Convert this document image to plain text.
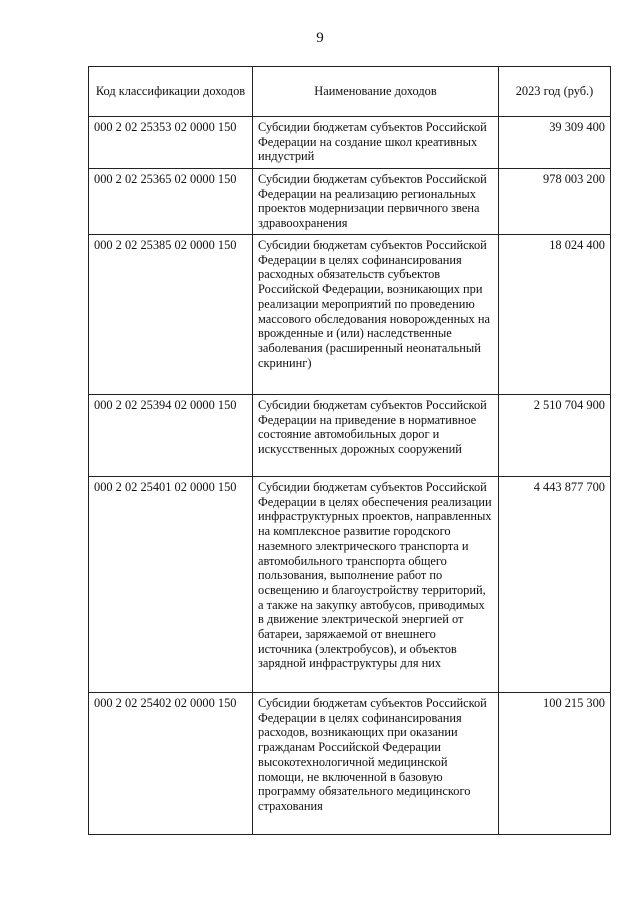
9
Код классификации доходов	Наименование доходов	2023 год (руб.)
000 2 02 25353 02 0000 150	Субсидии бюджетам субъектов Российской Федерации на создание школ креативных индустрий	39 309 400
000 2 02 25365 02 0000 150	Субсидии бюджетам субъектов Российской Федерации на реализацию региональных проектов модернизации первичного звена здравоохранения	978 003 200
000 2 02 25385 02 0000 150	Субсидии бюджетам субъектов Российской Федерации в целях софинансирования расходных обязательств субъектов Российской Федерации, возникающих при реализации мероприятий по проведению массового обследования новорожденных на врожденные и (или) наследственные заболевания (расширенный неонатальный скрининг)	18 024 400
000 2 02 25394 02 0000 150	Субсидии бюджетам субъектов Российской Федерации на приведение в нормативное состояние автомобильных дорог и искусственных дорожных сооружений	2 510 704 900
000 2 02 25401 02 0000 150	Субсидии бюджетам субъектов Российской Федерации в целях обеспечения реализации инфраструктурных проектов, направленных на комплексное развитие городского наземного электрического транспорта и автомобильного транспорта общего пользования, выполнение работ по освещению и благоустройству территорий, а также на закупку автобусов, приводимых в движение электрической энергией от батареи, заряжаемой от внешнего источника (электробусов), и объектов зарядной инфраструктуры для них	4 443 877 700
000 2 02 25402 02 0000 150	Субсидии бюджетам субъектов Российской Федерации в целях софинансирования расходов, возникающих при оказании гражданам Российской Федерации высокотехнологичной медицинской помощи, не включенной в базовую программу обязательного медицинского страхования	100 215 300
